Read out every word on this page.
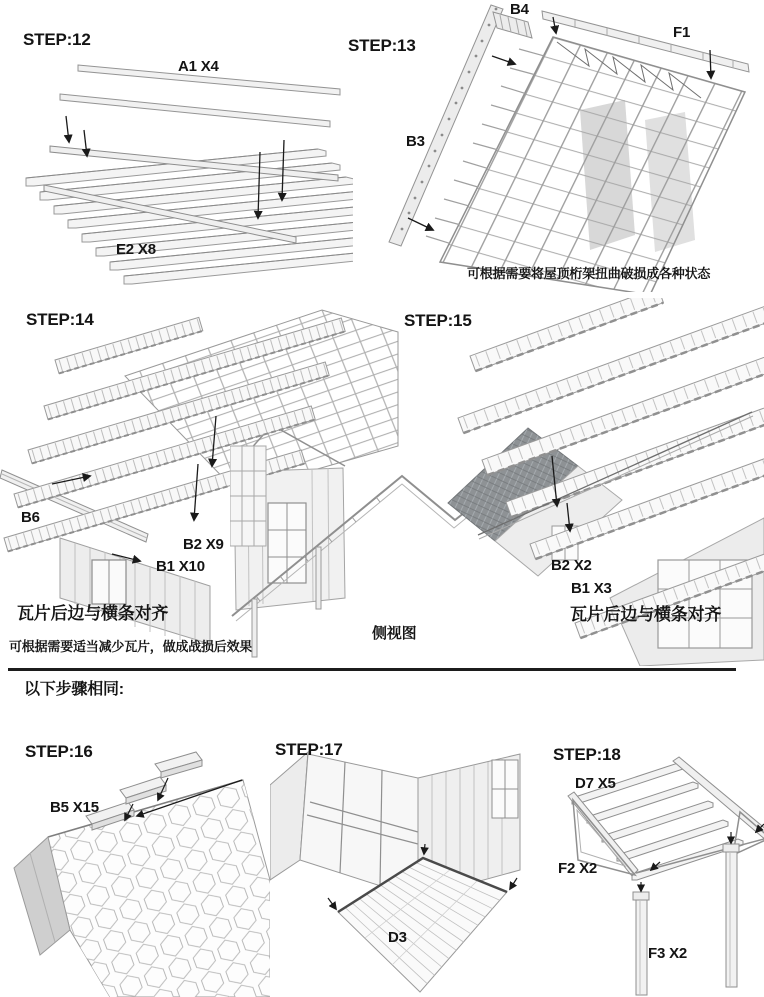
STEP:12
A1 X4
E2 X8
STEP:13
B4
F1
B3
可根据需要将屋顶桁架扭曲破损成各种状态
STEP:14
B6
B2 X9
B1 X10
瓦片后边与横条对齐
可根据需要适当减少瓦片，做成战损后效果
STEP:15
B2 X2
B1 X3
瓦片后边与横条对齐
侧视图
以下步骤相同:
STEP:16
B5 X15
STEP:17
D3
STEP:18
D7 X5
F2 X2
F3 X2
